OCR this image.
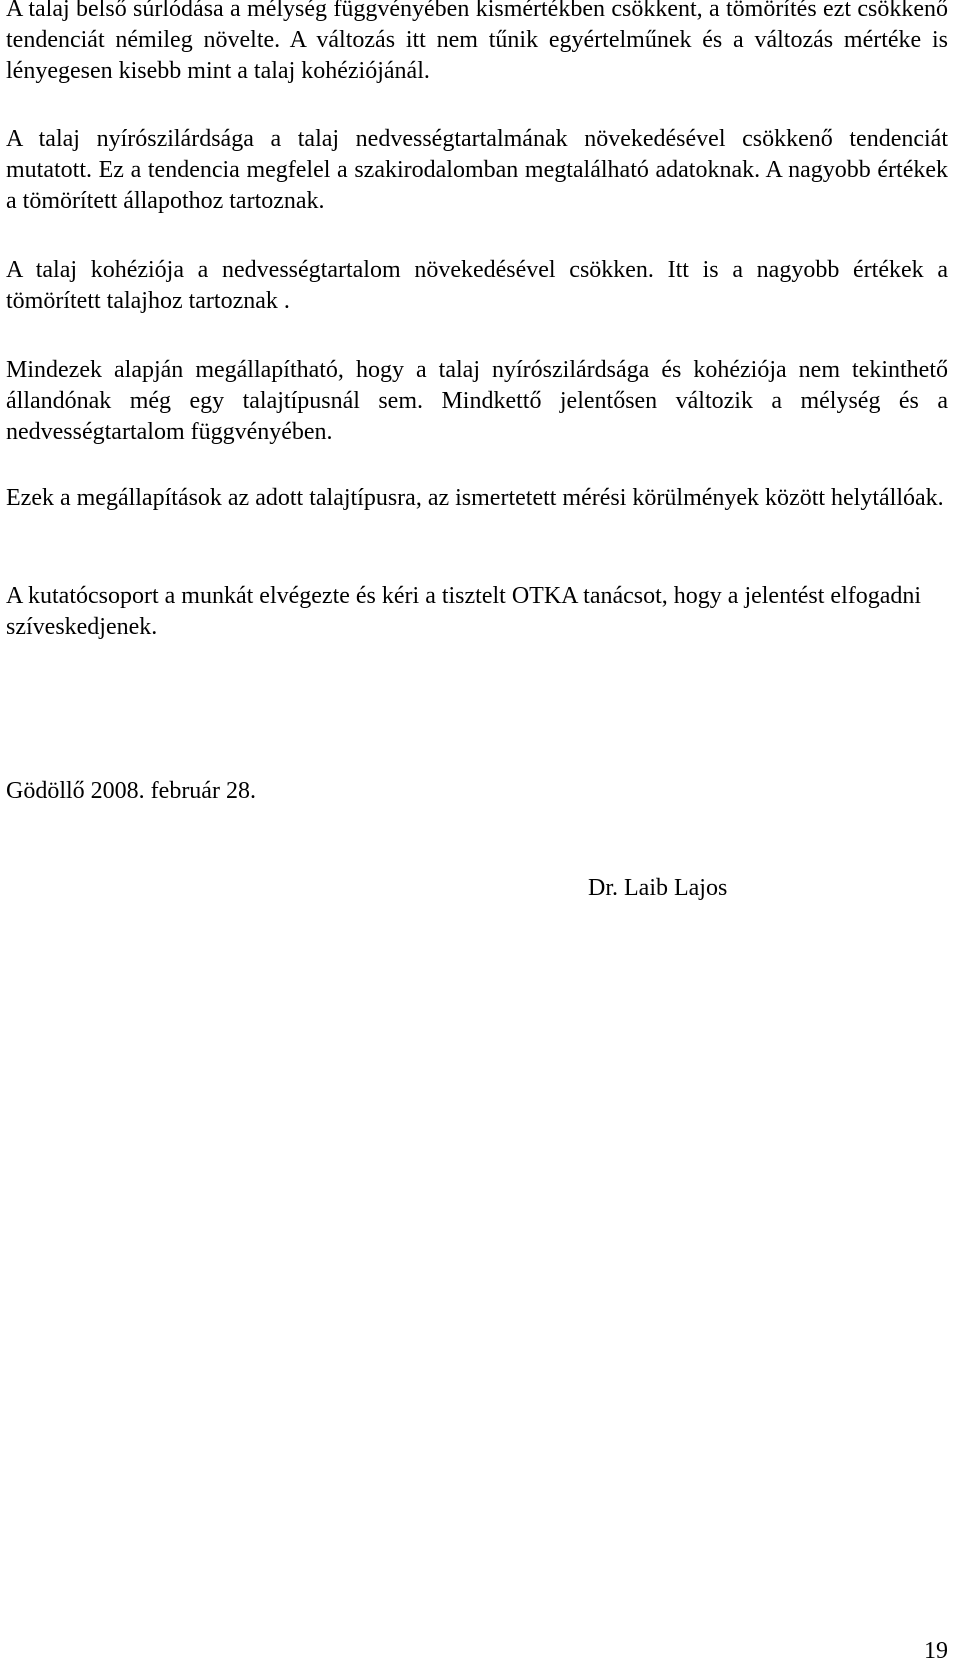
A talaj belső súrlódása a mélység függvényében kismértékben csökkent, a tömörítés ezt csökkenő tendenciát némileg növelte. A változás itt nem tűnik egyértelműnek és a változás mértéke is lényegesen kisebb mint a talaj kohéziójánál.

A talaj nyírószilárdsága a talaj nedvességtartalmának növekedésével csökkenő tendenciát mutatott. Ez a tendencia megfelel a szakirodalomban megtalálható adatoknak. A nagyobb értékek a tömörített állapothoz tartoznak.

A talaj kohéziója a nedvességtartalom növekedésével csökken. Itt is a nagyobb értékek a tömörített talajhoz tartoznak .

Mindezek alapján megállapítható, hogy a talaj nyírószilárdsága és kohéziója nem tekinthető állandónak még egy talajtípusnál sem. Mindkettő jelentősen változik a mélység és a nedvességtartalom függvényében.

Ezek a megállapítások az adott talajtípusra, az ismertetett mérési körülmények között helytállóak.

A kutatócsoport a munkát elvégezte és kéri a tisztelt OTKA tanácsot, hogy a jelentést elfogadni szíveskedjenek.

Gödöllő 2008. február 28.

Dr. Laib Lajos

19
